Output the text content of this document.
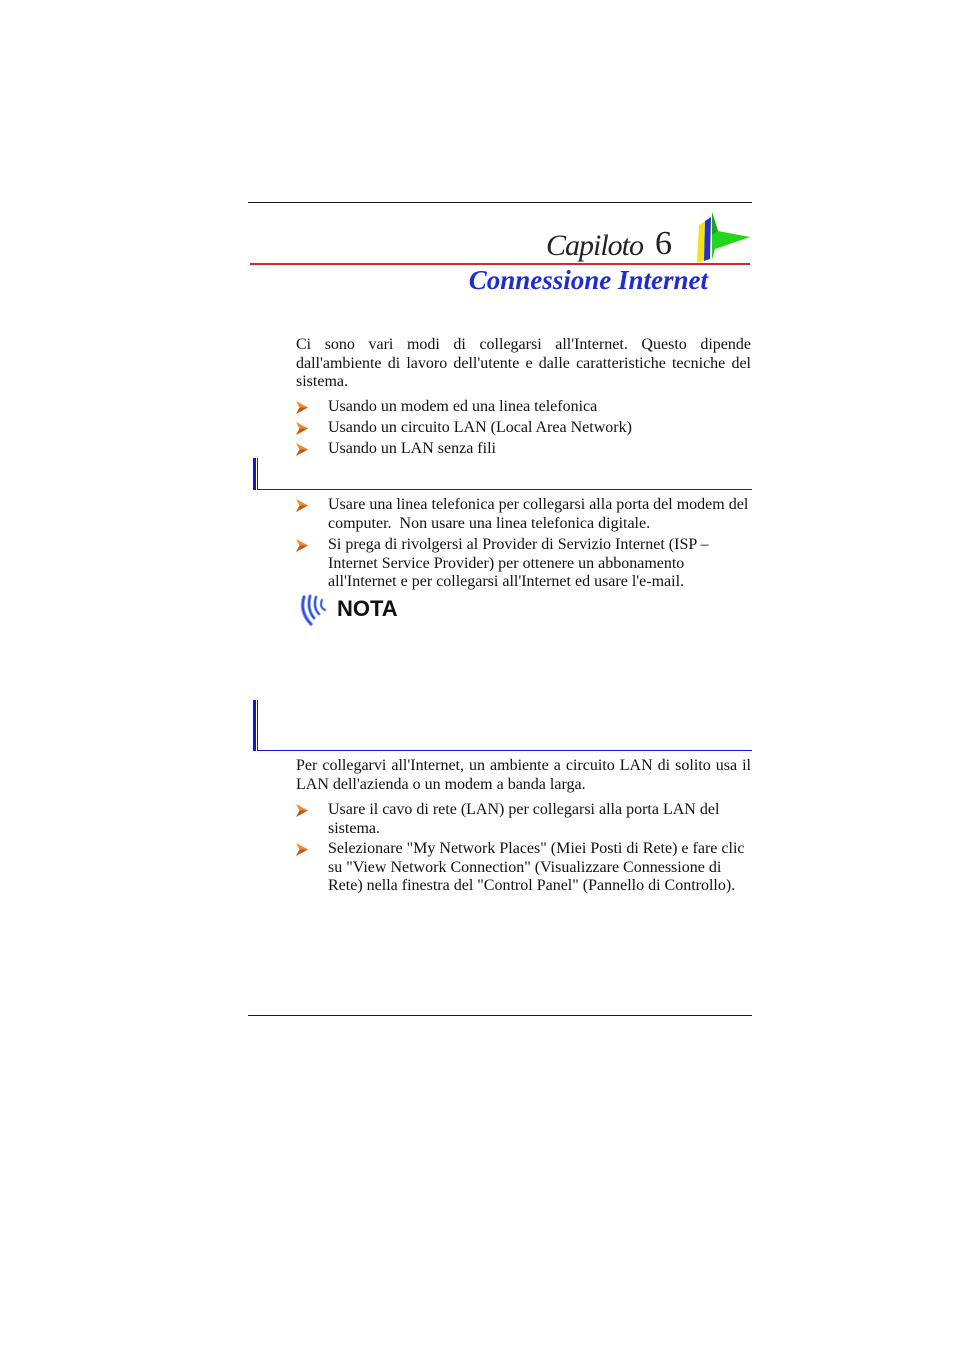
Capiloto 6
Connessione Internet
Ci sono vari modi di collegarsi all'Internet. Questo dipende
dall'ambiente di lavoro dell'utente e dalle caratteristiche tecniche del
sistema.
Usando un modem ed una linea telefonica
Usando un circuito LAN (Local Area Network)
Usando un LAN senza fili
Usare una linea telefonica per collegarsi alla porta del modem del
computer.  Non usare una linea telefonica digitale.
Si prega di rivolgersi al Provider di Servizio Internet (ISP –
Internet Service Provider) per ottenere un abbonamento
all'Internet e per collegarsi all'Internet ed usare l'e-mail.
NOTA
Per collegarvi all'Internet, un ambiente a circuito LAN di solito usa il
LAN dell'azienda o un modem a banda larga.
Usare il cavo di rete (LAN) per collegarsi alla porta LAN del
sistema.
Selezionare "My Network Places" (Miei Posti di Rete) e fare clic
su "View Network Connection" (Visualizzare Connessione di
Rete) nella finestra del "Control Panel" (Pannello di Controllo).
